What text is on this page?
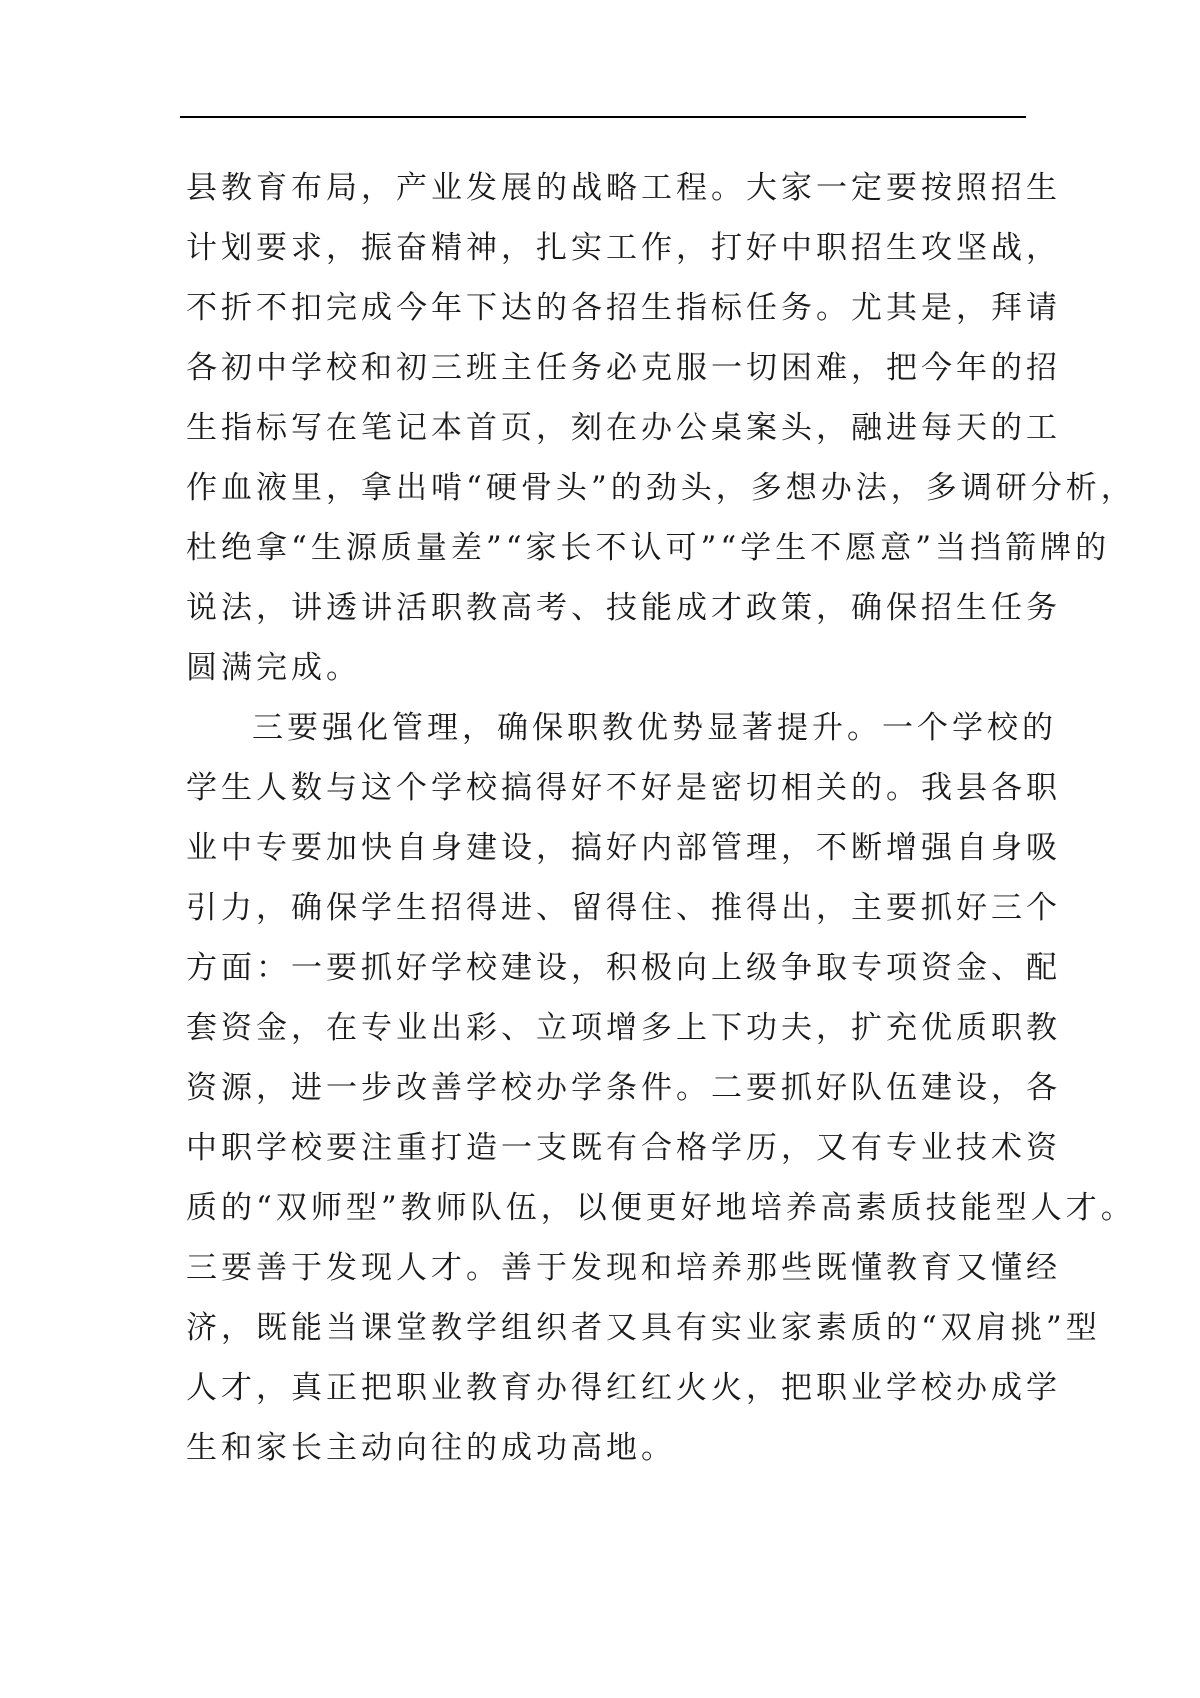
县教育布局，产业发展的战略工程。大家一定要按照招生
计划要求，振奋精神，扎实工作，打好中职招生攻坚战，
不折不扣完成今年下达的各招生指标任务。尤其是，拜请
各初中学校和初三班主任务必克服一切困难，把今年的招
生指标写在笔记本首页，刻在办公桌案头，融进每天的工
作血液里，拿出啃“硬骨头”的劲头，多想办法，多调研分析，
杜绝拿“生源质量差”“家长不认可”“学生不愿意”当挡箭牌的
说法，讲透讲活职教高考、技能成才政策，确保招生任务
圆满完成。
三要强化管理，确保职教优势显著提升。一个学校的
学生人数与这个学校搞得好不好是密切相关的。我县各职
业中专要加快自身建设，搞好内部管理，不断增强自身吸
引力，确保学生招得进、留得住、推得出，主要抓好三个
方面：一要抓好学校建设，积极向上级争取专项资金、配
套资金，在专业出彩、立项增多上下功夫，扩充优质职教
资源，进一步改善学校办学条件。二要抓好队伍建设，各
中职学校要注重打造一支既有合格学历，又有专业技术资
质的“双师型”教师队伍，以便更好地培养高素质技能型人才。
三要善于发现人才。善于发现和培养那些既懂教育又懂经
济，既能当课堂教学组织者又具有实业家素质的“双肩挑”型
人才，真正把职业教育办得红红火火，把职业学校办成学
生和家长主动向往的成功高地。
